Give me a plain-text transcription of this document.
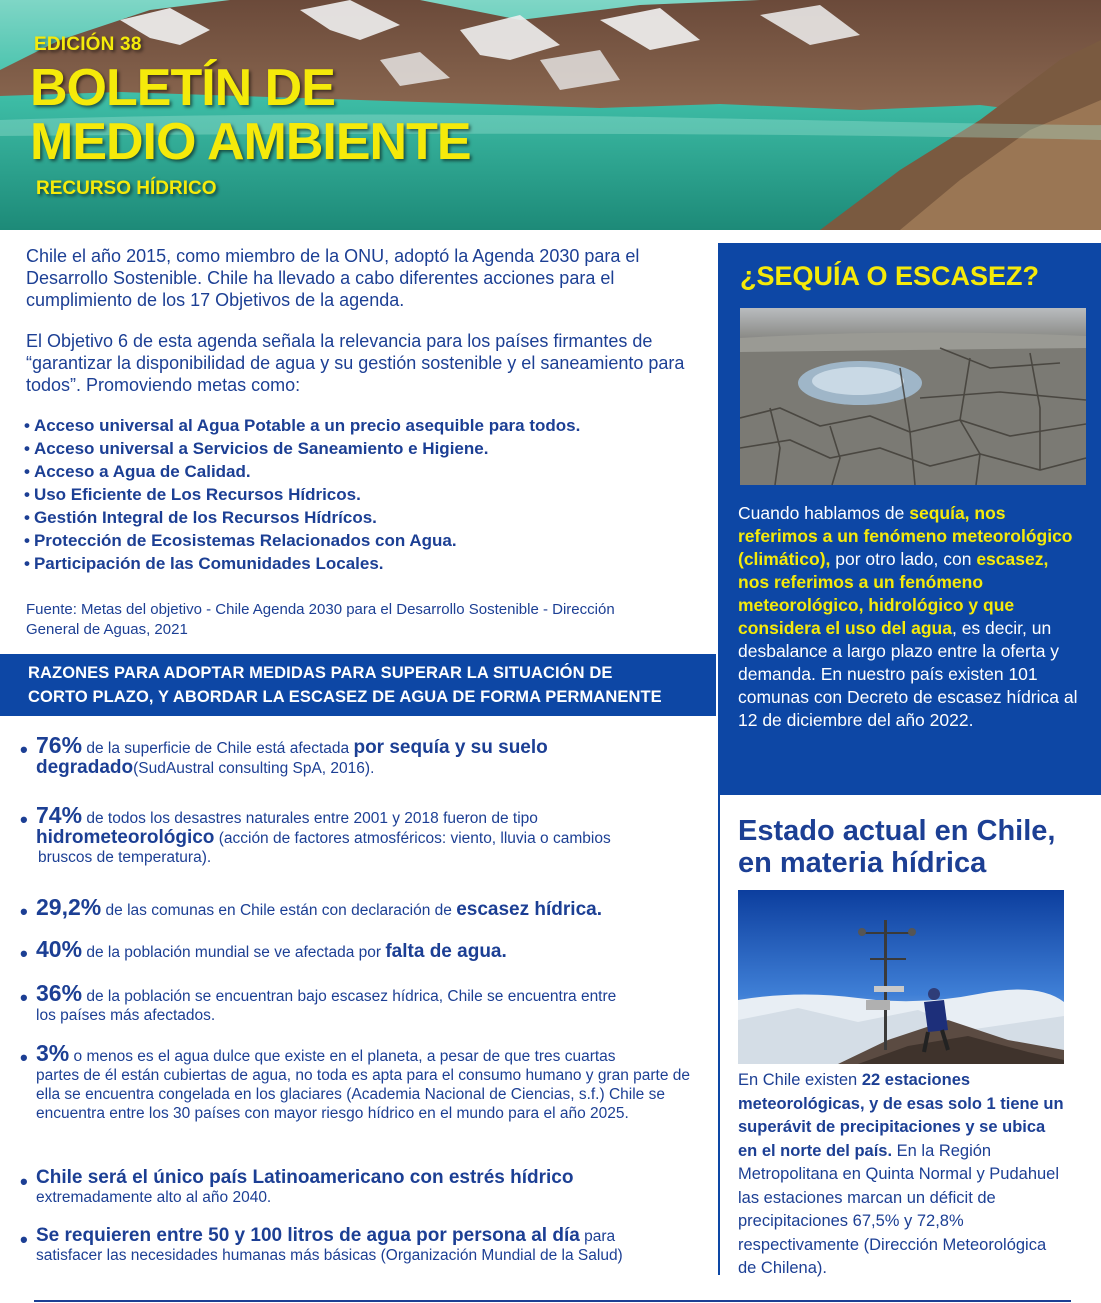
EDICIÓN 38
BOLETÍN DE
MEDIO AMBIENTE
RECURSO HÍDRICO

Chile el año 2015, como miembro de la ONU, adoptó la Agenda 2030 para el Desarrollo Sostenible. Chile ha llevado a cabo diferentes acciones para el cumplimiento de los 17 Objetivos de la agenda.

El Objetivo 6 de esta agenda señala la relevancia para los países firmantes de “garantizar la disponibilidad de agua y su gestión sostenible y el saneamiento para todos”. Promoviendo metas como:

• Acceso universal al Agua Potable a un precio asequible para todos.
• Acceso universal a Servicios de Saneamiento e Higiene.
• Acceso a Agua de Calidad.
• Uso Eficiente de Los Recursos Hídricos.
• Gestión Integral de los Recursos Hídrícos.
• Protección de Ecosistemas Relacionados con Agua.
• Participación de las Comunidades Locales.

Fuente: Metas del objetivo - Chile Agenda 2030 para el Desarrollo Sostenible - Dirección General de Aguas, 2021

RAZONES PARA ADOPTAR MEDIDAS PARA SUPERAR LA SITUACIÓN DE
CORTO PLAZO, Y ABORDAR LA ESCASEZ DE AGUA DE FORMA PERMANENTE
• 76% de la superficie de Chile está afectada por sequía y su suelo
degradado(SudAustral consulting SpA, 2016).
• 74% de todos los desastres naturales entre 2001 y 2018 fueron de tipo
hidrometeorológico (acción de factores atmosféricos: viento, lluvia o cambios
bruscos de temperatura).
• 29,2% de las comunas en Chile están con declaración de escasez hídrica.
• 40% de la población mundial se ve afectada por falta de agua.
• 36% de la población se encuentran bajo escasez hídrica, Chile se encuentra entre
los países más afectados.
• 3% o menos es el agua dulce que existe en el planeta, a pesar de que tres cuartas
partes de él están cubiertas de agua, no toda es apta para el consumo humano y gran parte de ella se encuentra congelada en los glaciares (Academia Nacional de Ciencias, s.f.) Chile se encuentra entre los 30 países con mayor riesgo hídrico en el mundo para el año 2025.
• Chile será el único país Latinoamericano con estrés hídrico
extremadamente alto al año 2040.
• Se requieren entre 50 y 100 litros de agua por persona al día para
satisfacer las necesidades humanas más básicas (Organización Mundial de la Salud)
¿SEQUÍA O ESCASEZ?

Cuando hablamos de sequía, nos referimos a un fenómeno meteorológico (climático), por otro lado, con escasez, nos referimos a un fenómeno meteorológico, hidrológico y que considera el uso del agua, es decir, un desbalance a largo plazo entre la oferta y demanda. En nuestro país existen 101 comunas con Decreto de escasez hídrica al 12 de diciembre del año 2022.

Estado actual en Chile, en materia hídrica

En Chile existen 22 estaciones meteorológicas, y de esas solo 1 tiene un superávit de precipitaciones y se ubica en el norte del país. En la Región Metropolitana en Quinta Normal y Pudahuel las estaciones marcan un déficit de precipitaciones 67,5% y 72,8% respectivamente (Dirección Meteorológica de Chilena).
